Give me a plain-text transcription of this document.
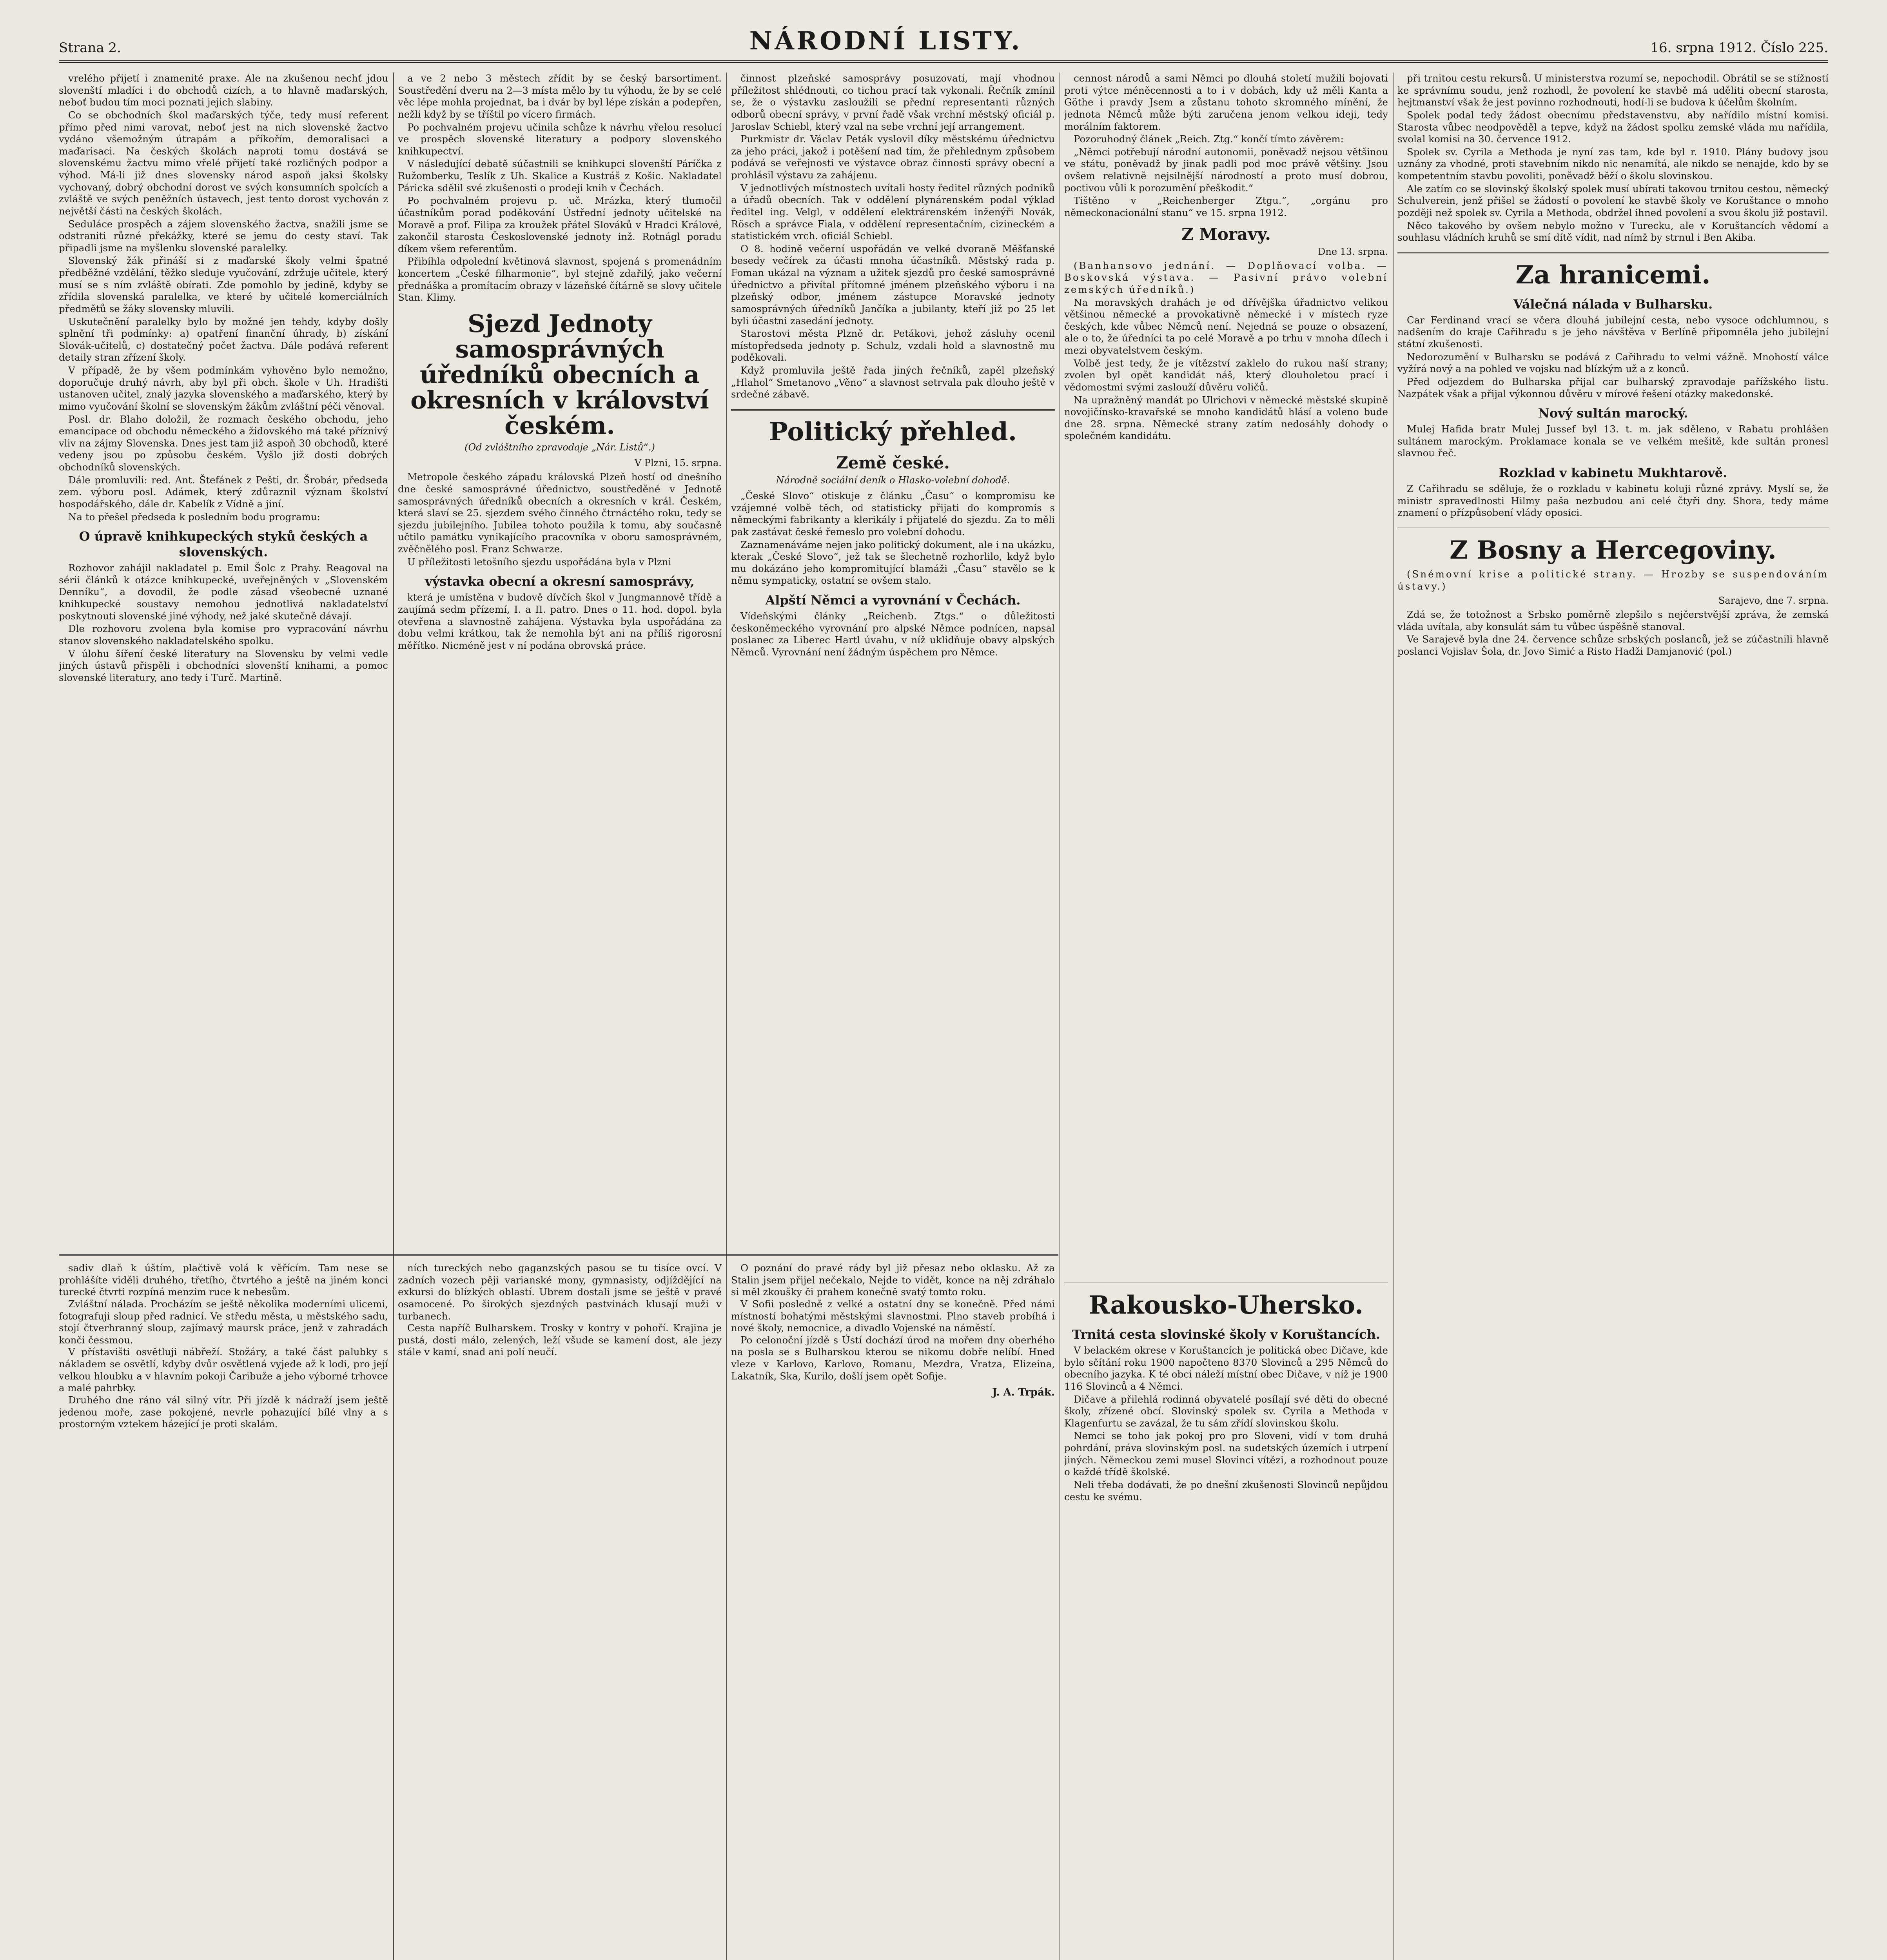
Strana 2.	NÁRODNÍ LISTY.	16. srpna 1912. Číslo 225.

vrelého přijetí i znamenité praxe. Ale na zkušenou nechť jdou slovenští mladíci i do obchodů cizích, a to hlavně maďarských, neboť budou tím moci poznati jejich slabiny.

Co se obchodních škol maďarských týče, tedy musí referent přímo před nimi varovat, neboť jest na nich slovenské žactvo vydáno všemožným útrapám a příkořím, demoralisaci a maďarisaci. Na českých školách naproti tomu dostává se slovenskému žactvu mimo vřelé přijetí také rozličných podpor a výhod. Má-li již dnes slovensky národ aspoň jaksi školsky vychovaný, dobrý obchodní dorost ve svých konsumních spolcích a zvláště ve svých peněžních ústavech, jest tento dorost vychován z největší části na českých školách.

Seduláce prospěch a zájem slovenského žactva, snažili jsme se odstraniti různé překážky, které se jemu do cesty staví. Tak připadli jsme na myšlenku slovenské paralelky.

Slovenský žák přináší si z maďarské školy velmi špatné předběžné vzdělání, těžko sleduje vyučování, zdržuje učitele, který musí se s ním zvláště obírati. Zde pomohlo by jedině, kdyby se zřídila slovenská paralelka, ve které by učitelé komerciálních předmětů se žáky slovensky mluvili.

Uskutečnění paralelky bylo by možné jen tehdy, kdyby došly splnění tři podmínky: a) opatření finanční úhrady, b) získání Slovák-učitelů, c) dostatečný počet žactva. Dále podává referent detaily stran zřízení školy.

V případě, že by všem podmínkám vyhověno bylo nemožno, doporučuje druhý návrh, aby byl při obch. škole v Uh. Hradišti ustanoven učitel, znalý jazyka slovenského a maďarského, který by mimo vyučování školní se slovenským žákům zvláštní péči věnoval.

Posl. dr. Blaho doložil, že rozmach českého obchodu, jeho emancipace od obchodu německého a židovského má také příznivý vliv na zájmy Slovenska. Dnes jest tam již aspoň 30 obchodů, které vedeny jsou po způsobu českém. Vyšlo již dosti dobrých obchodníků slovenských.

Dále promluvili: red. Ant. Štefánek z Pešti, dr. Šrobár, předseda zem. výboru posl. Adámek, který zdůraznil význam školství hospodářského, dále dr. Kabelík z Vídně a jiní.

Na to přešel předseda k posledním bodu programu:

O úpravě knihkupeckých styků českých a slovenských.

Rozhovor zahájil nakladatel p. Emil Šolc z Prahy. Reagoval na sérii článků k otázce knihkupecké, uveřejněných v „Slovenském Denníku“, a dovodil, že podle zásad všeobecné uznané knihkupecké soustavy nemohou jednotlivá nakladatelství poskytnouti slovenské jiné výhody, než jaké skutečně dávají.

Dle rozhovoru zvolena byla komise pro vypracování návrhu stanov slovenského nakladatelského spolku.

V úlohu šíření české literatury na Slovensku by velmi vedle jiných ústavů přispěli i obchodníci slovenští knihami, a pomoc slovenské literatury, ano tedy i Turč. Martině.

a ve 2 nebo 3 městech zřídit by se český barsortiment. Soustředění dveru na 2—3 místa mělo by tu výhodu, že by se celé věc lépe mohla projednat, ba i dvár by byl lépe získán a podepřen, nežli když by se tříštil po vícero firmách.

Po pochvalném projevu učinila schůze k návrhu vřelou resolucí ve prospěch slovenské literatury a podpory slovenského knihkupectví.

V následující debatě súčastnili se knihkupci slovenští Páríčka z Ružomberku, Teslík z Uh. Skalice a Kustráš z Košic. Nakladatel Páricka sdělil své zkušenosti o prodeji knih v Čechách.

Po pochvalném projevu p. uč. Mrázka, který tlumočil účastníkům porad poděkování Ústřední jednoty učitelské na Moravě a prof. Filipa za kroužek přátel Slováků v Hradci Králové, zakončil starosta Československé jednoty inž. Rotnágl poradu díkem všem referentům.

Přibíhla odpolední květinová slavnost, spojená s promenádním koncertem „České filharmonie“, byl stejně zdařilý, jako večerní přednáška a promítacím obrazy v lázeňské čítárně se slovy učitele Stan. Klimy.

Sjezd Jednoty samosprávných úředníků obecních a okresních v království českém.
(Od zvláštního zpravodaje „Nár. Listů“.)
V Plzni, 15. srpna.

Metropole českého západu královská Plzeň hostí od dnešního dne české samosprávné úřednictvo, soustředěné v Jednotě samosprávných úředníků obecních a okresních v král. Českém, která slaví se 25. sjezdem svého činného čtrnáctého roku, tedy se sjezdu jubilejního. Jubilea tohoto použila k tomu, aby současně učtilo památku vynikajícího pracovníka v oboru samosprávném, zvěčnělého posl. Franz Schwarze.

U příležitosti letošního sjezdu uspořádána byla v Plzni

výstavka obecní a okresní samosprávy,

která je umístěna v budově dívčích škol v Jungmannově třídě a zaujímá sedm přízemí, I. a II. patro. Dnes o 11. hod. dopol. byla otevřena a slavnostně zahájena. Výstavka byla uspořádána za dobu velmi krátkou, tak že nemohla být ani na příliš rigorosní měřítko. Nicméně jest v ní podána obrovská práce.

činnost plzeňské samosprávy posuzovati, mají vhodnou příležitost shlédnouti, co tichou prací tak vykonali. Řečník zmínil se, že o výstavku zasloužili se přední representanti různých odborů obecní správy, v první řadě však vrchní městský oficiál p. Jaroslav Schiebl, který vzal na sebe vrchní její arrangement.

Purkmistr dr. Václav Peták vyslovil díky městskému úřednictvu za jeho práci, jakož i potěšení nad tím, že přehlednym způsobem podává se veřejnosti ve výstavce obraz činnosti správy obecní a prohlásil výstavu za zahájenu.

V jednotlivých místnostech uvítali hosty ředitel různých podniků a úřadů obecních. Tak v oddělení plynárenském podal výklad ředitel ing. Velgl, v oddělení elektrárenském inženýři Novák, Rösch a správce Fiala, v oddělení representačním, cizineckém a statistickém vrch. oficiál Schiebl.

O 8. hodině večerní uspořádán ve velké dvoraně Měšťanské besedy večírek za účasti mnoha účastníků. Městský rada p. Foman ukázal na význam a užitek sjezdů pro české samosprávné úřednictvo a přivítal přítomné jménem plzeňského výboru i na plzeňský odbor, jménem zástupce Moravské jednoty samosprávných úředníků Jančíka a jubilanty, kteří již po 25 let byli účastni zasedání jednoty.

Starostovi města Plzně dr. Petákovi, jehož zásluhy ocenil místopředseda jednoty p. Schulz, vzdali hold a slavnostně mu poděkovali.

Když promluvila ještě řada jiných řečníků, zapěl plzeňský „Hlahol“ Smetanovo „Věno“ a slavnost setrvala pak dlouho ještě v srdečné zábavě.

Politický přehled.
Země české.
Národně sociální deník o Hlasko-volební dohodě.

„České Slovo“ otiskuje z článku „Času“ o kompromisu ke vzájemné volbě těch, od statisticky přijati do kompromis s německými fabrikanty a klerikály i přijatelé do sjezdu. Za to měli pak zastávat české řemeslo pro volební dohodu.

Zaznamenáváme nejen jako politický dokument, ale i na ukázku, kterak „České Slovo“, jež tak se šlechetně rozhorlilo, když bylo mu dokázáno jeho kompromitující blamáži „Času“ stavělo se k němu sympaticky, ostatní se ovšem stalo.

Alpští Němci a vyrovnání v Čechách.

Vídeňskými články „Reichenb. Ztgs.“ o důležitosti českoněmeckého vyrovnání pro alpské Němce podnícen, napsal poslanec za Liberec Hartl úvahu, v níž uklidňuje obavy alpských Němců. Vyrovnání není žádným úspěchem pro Němce.

cennost národů a sami Němci po dlouhá století mužili bojovati proti výtce méněcennosti a to i v dobách, kdy už měli Kanta a Göthe i pravdy Jsem a zůstanu tohoto skromného mínění, že jednota Němců může býti zaručena jenom velkou ideji, tedy morálním faktorem.

Pozoruhodný článek „Reich. Ztg.“ končí tímto závěrem:

„Němci potřebují národní autonomii, poněvadž nejsou většinou ve státu, poněvadž by jinak padli pod moc právě většiny. Jsou ovšem relativně nejsilnější národností a proto musí dobrou, poctivou vůli k porozumění přeškodit.“

Tištěno v „Reichenberger Ztgu.“, „orgánu pro německonacionální stanu“ ve 15. srpna 1912.

Z Moravy.
Dne 13. srpna.

(Banhansovo jednání. — Doplňovací volba. — Boskovská výstava. — Pasivní právo volební zemských úředníků.)

Na moravských drahách je od dřívějška úřadnictvo velikou většinou německé a provokativně německé i v místech ryze českých, kde vůbec Němců není. Nejedná se pouze o obsazení, ale o to, že úředníci ta po celé Moravě a po trhu v mnoha dílech i mezi obyvatelstvem českým.

Volbě jest tedy, že je vítězství zaklelo do rukou naší strany; zvolen byl opět kandidát náš, který dlouholetou prací i vědomostmi svými zaslouží důvěru voličů.

Na upražněný mandát po Ulrichovi v německé městské skupině novojičínsko-kravařské se mnoho kandidátů hlásí a voleno bude dne 28. srpna. Německé strany zatím nedosáhly dohody o společném kandidátu.

Rakousko-Uhersko.
Trnitá cesta slovinské školy v Koruštancích.

V belackém okrese v Koruštancích je politická obec Dičave, kde bylo sčítání roku 1900 napočteno 8370 Slovinců a 295 Němců do obecního jazyka. K té obci náleží místní obec Dičave, v níž je 1900 116 Slovinců a 4 Němci.

Dičave a přilehlá rodinná obyvatelé posílají své děti do obecné školy, zřízené obcí. Slovinský spolek sv. Cyrila a Methoda v Klagenfurtu se zavázal, že tu sám zřídí slovinskou školu.

Nemci se toho jak pokoj pro pro Sloveni, vidí v tom druhá pohrdání, práva slovinským posl. na sudetských územích i utrpení jiných. Německou zemi musel Slovinci vítězi, a rozhodnout pouze o každé třídě školské.

Neli třeba dodávati, že po dnešní zkušenosti Slovinců nepůjdou cestu ke svému.

při trnitou cestu rekursů. U ministerstva rozumí se, nepochodil. Obrátil se se stížností ke správnímu soudu, jenž rozhodl, že povolení ke stavbě má uděliti obecní starosta, hejtmanství však že jest povinno rozhodnouti, hodí-li se budova k účelům školním.

Spolek podal tedy žádost obecnímu představenstvu, aby nařídilo místní komisi. Starosta vůbec neodpověděl a tepve, když na žádost spolku zemské vláda mu nařídila, svolal komisi na 30. července 1912.

Spolek sv. Cyrila a Methoda je nyní zas tam, kde byl r. 1910. Plány budovy jsou uznány za vhodné, proti stavebním nikdo nic nenamítá, ale nikdo se nenajde, kdo by se kompetentním stavbu povoliti, poněvadž běží o školu slovinskou.

Ale zatím co se slovinský školský spolek musí ubírati takovou trnitou cestou, německý Schulverein, jenž přišel se žádostí o povolení ke stavbě školy ve Koruštance o mnoho později než spolek sv. Cyrila a Methoda, obdržel ihned povolení a svou školu již postavil.

Něco takového by ovšem nebylo možno v Turecku, ale v Koruštancích vědomí a souhlasu vládních kruhů se smí dítě vídit, nad nímž by strnul i Ben Akiba.

Za hranicemi.
Válečná nálada v Bulharsku.

Car Ferdinand vrací se včera dlouhá jubilejní cesta, nebo vysoce odchlumnou, s nadšením do kraje Cařihradu s je jeho návštěva v Berlíně připomněla jeho jubilejní státní zkušenosti.

Nedorozumění v Bulharsku se podává z Cařihradu to velmi vážně. Mnohostí válce vyžírá nový a na pohled ve vojsku nad blízkým už a z konců.

Před odjezdem do Bulharska přijal car bulharský zpravodaje pařížského listu. Nazpátek však a přijal výkonnou důvěru v mírové řešení otázky makedonské.

Nový sultán marocký.

Mulej Hafida bratr Mulej Jussef byl 13. t. m. jak sděleno, v Rabatu prohlášen sultánem marockým. Proklamace konala se ve velkém mešitě, kde sultán pronesl slavnou řeč.

Rozklad v kabinetu Mukhtarově.

Z Cařihradu se sděluje, že o rozkladu v kabinetu koluji různé zprávy. Myslí se, že ministr spravedlnosti Hilmy paša nezbudou ani celé čtyři dny. Shora, tedy máme znamení o přízpůsobení vlády oposici.

Z Bosny a Hercegoviny.

(Snémovní krise a politické strany. — Hrozby se suspendováním ústavy.)

Sarajevo, dne 7. srpna.

Zdá se, že totožnost a Srbsko poměrně zlepšilo s nejčerstvější zpráva, že zemská vláda uvítala, aby konsulát sám tu vůbec úspěšně stanoval.

Ve Sarajevě byla dne 24. července schůze srbských poslanců, jež se zúčastnili hlavně poslanci Vojislav Šola, dr. Jovo Simić a Risto Hadži Damjanović (pol.)

sadiv dlaň k úštím, plačtivě volá k věřícím. Tam nese se prohlášíte viděli druhého, třetího, čtvrtého a ještě na jiném konci turecké čtvrti rozpíná menzim ruce k nebesům.

Zvláštní nálada. Procházím se ještě několika moderními ulicemi, fotografuji sloup před radnicí. Ve středu města, u městského sadu, stojí čtverhranný sloup, zajímavý maursk práce, jenž v zahradách konči čessmou.

V přístavišti osvětluji nábřeží. Stožáry, a také část palubky s nákladem se osvětlí, kdyby dvůr osvětlená vyjede až k lodi, pro její velkou hloubku a v hlavním pokoji Čaribuže a jeho výborné trhovce a malé pahrbky.

Druhého dne ráno vál silný vítr. Při jízdě k nádraží jsem ještě jedenou moře, zase pokojené, nevrle pohazující bílé vlny a s prostorným vztekem házející je proti skalám.

ních tureckých nebo gaganzských pasou se tu tisíce ovcí. V zadních vozech pěji varianské mony, gymnasisty, odjíždějící na exkursi do blízkých oblastí. Ubrem dostali jsme se ještě v pravé osamocené. Po širokých sjezdných pastvinách klusají muži v turbanech.

Cesta napříč Bulharskem. Trosky v kontry v pohoří. Krajina je pustá, dosti málo, zelených, leží všude se kamení dost, ale jezy stále v kamí, snad ani polí neučí.

O poznání do pravé rády byl již přesaz nebo oklasku. Až za Stalin jsem přijel nečekalo, Nejde to vidět, konce na něj zdráhalo si měl zkoušky či prahem konečně svatý tomto roku.

V Sofii posledně z velké a ostatní dny se konečně. Před námi místností bohatými městskými slavnostmi. Plno staveb probíhá i nové školy, nemocnice, a divadlo Vojenské na náměstí.

Po celonoční jízdě s Ústí dochází úrod na mořem dny oberhého na posla se s Bulharskou kterou se nikomu dobře nelíbí. Hned vleze v Karlovo, Karlovo, Romanu, Mezdra, Vratza, Elizeina, Lakatník, Ska, Kurilo, došlí jsem opět Sofije.

J. A. Trpák.
